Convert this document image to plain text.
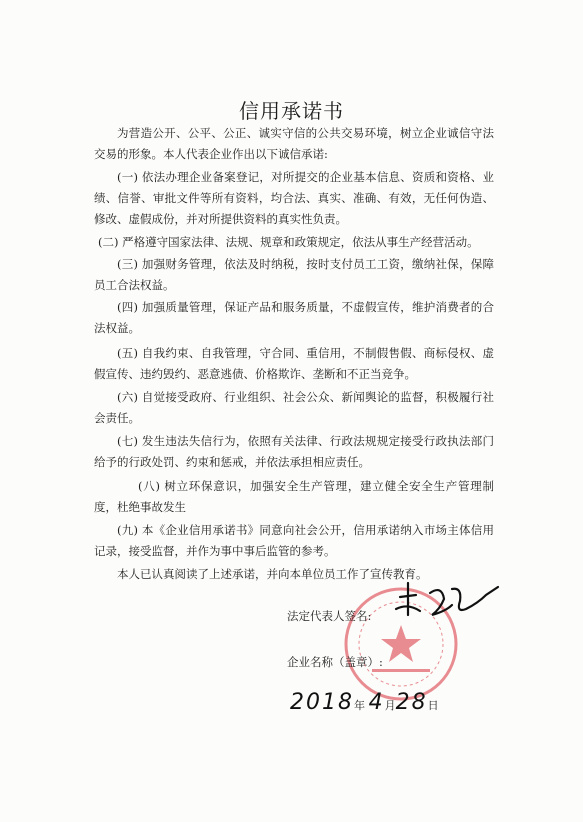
信用承诺书

为营造公开、公平、公正、诚实守信的公共交易环境，树立企业诚信守法交易的形象。本人代表企业作出以下诚信承诺:

(一) 依法办理企业备案登记，对所提交的企业基本信息、资质和资格、业绩、信誉、审批文件等所有资料，均合法、真实、准确、有效，无任何伪造、修改、虚假成份，并对所提供资料的真实性负责。

(二) 严格遵守国家法律、法规、规章和政策规定，依法从事生产经营活动。

(三) 加强财务管理，依法及时纳税，按时支付员工工资，缴纳社保，保障员工合法权益。

(四) 加强质量管理，保证产品和服务质量，不虚假宣传，维护消费者的合法权益。

(五) 自我约束、自我管理，守合同、重信用，不制假售假、商标侵权、虚假宣传、违约毁约、恶意逃债、价格欺诈、垄断和不正当竞争。

(六) 自觉接受政府、行业组织、社会公众、新闻舆论的监督，积极履行社会责任。

(七) 发生违法失信行为，依照有关法律、行政法规规定接受行政执法部门给予的行政处罚、约束和惩戒，并依法承担相应责任。

(八) 树立环保意识，加强安全生产管理，建立健全安全生产管理制度，杜绝事故发生

(九) 本《企业信用承诺书》同意向社会公开，信用承诺纳入市场主体信用记录，接受监督，并作为事中事后监管的参考。

本人已认真阅读了上述承诺，并向本单位员工作了宣传教育。

法定代表人签名:
企业名称（盖章）:
2018年 4月28日
